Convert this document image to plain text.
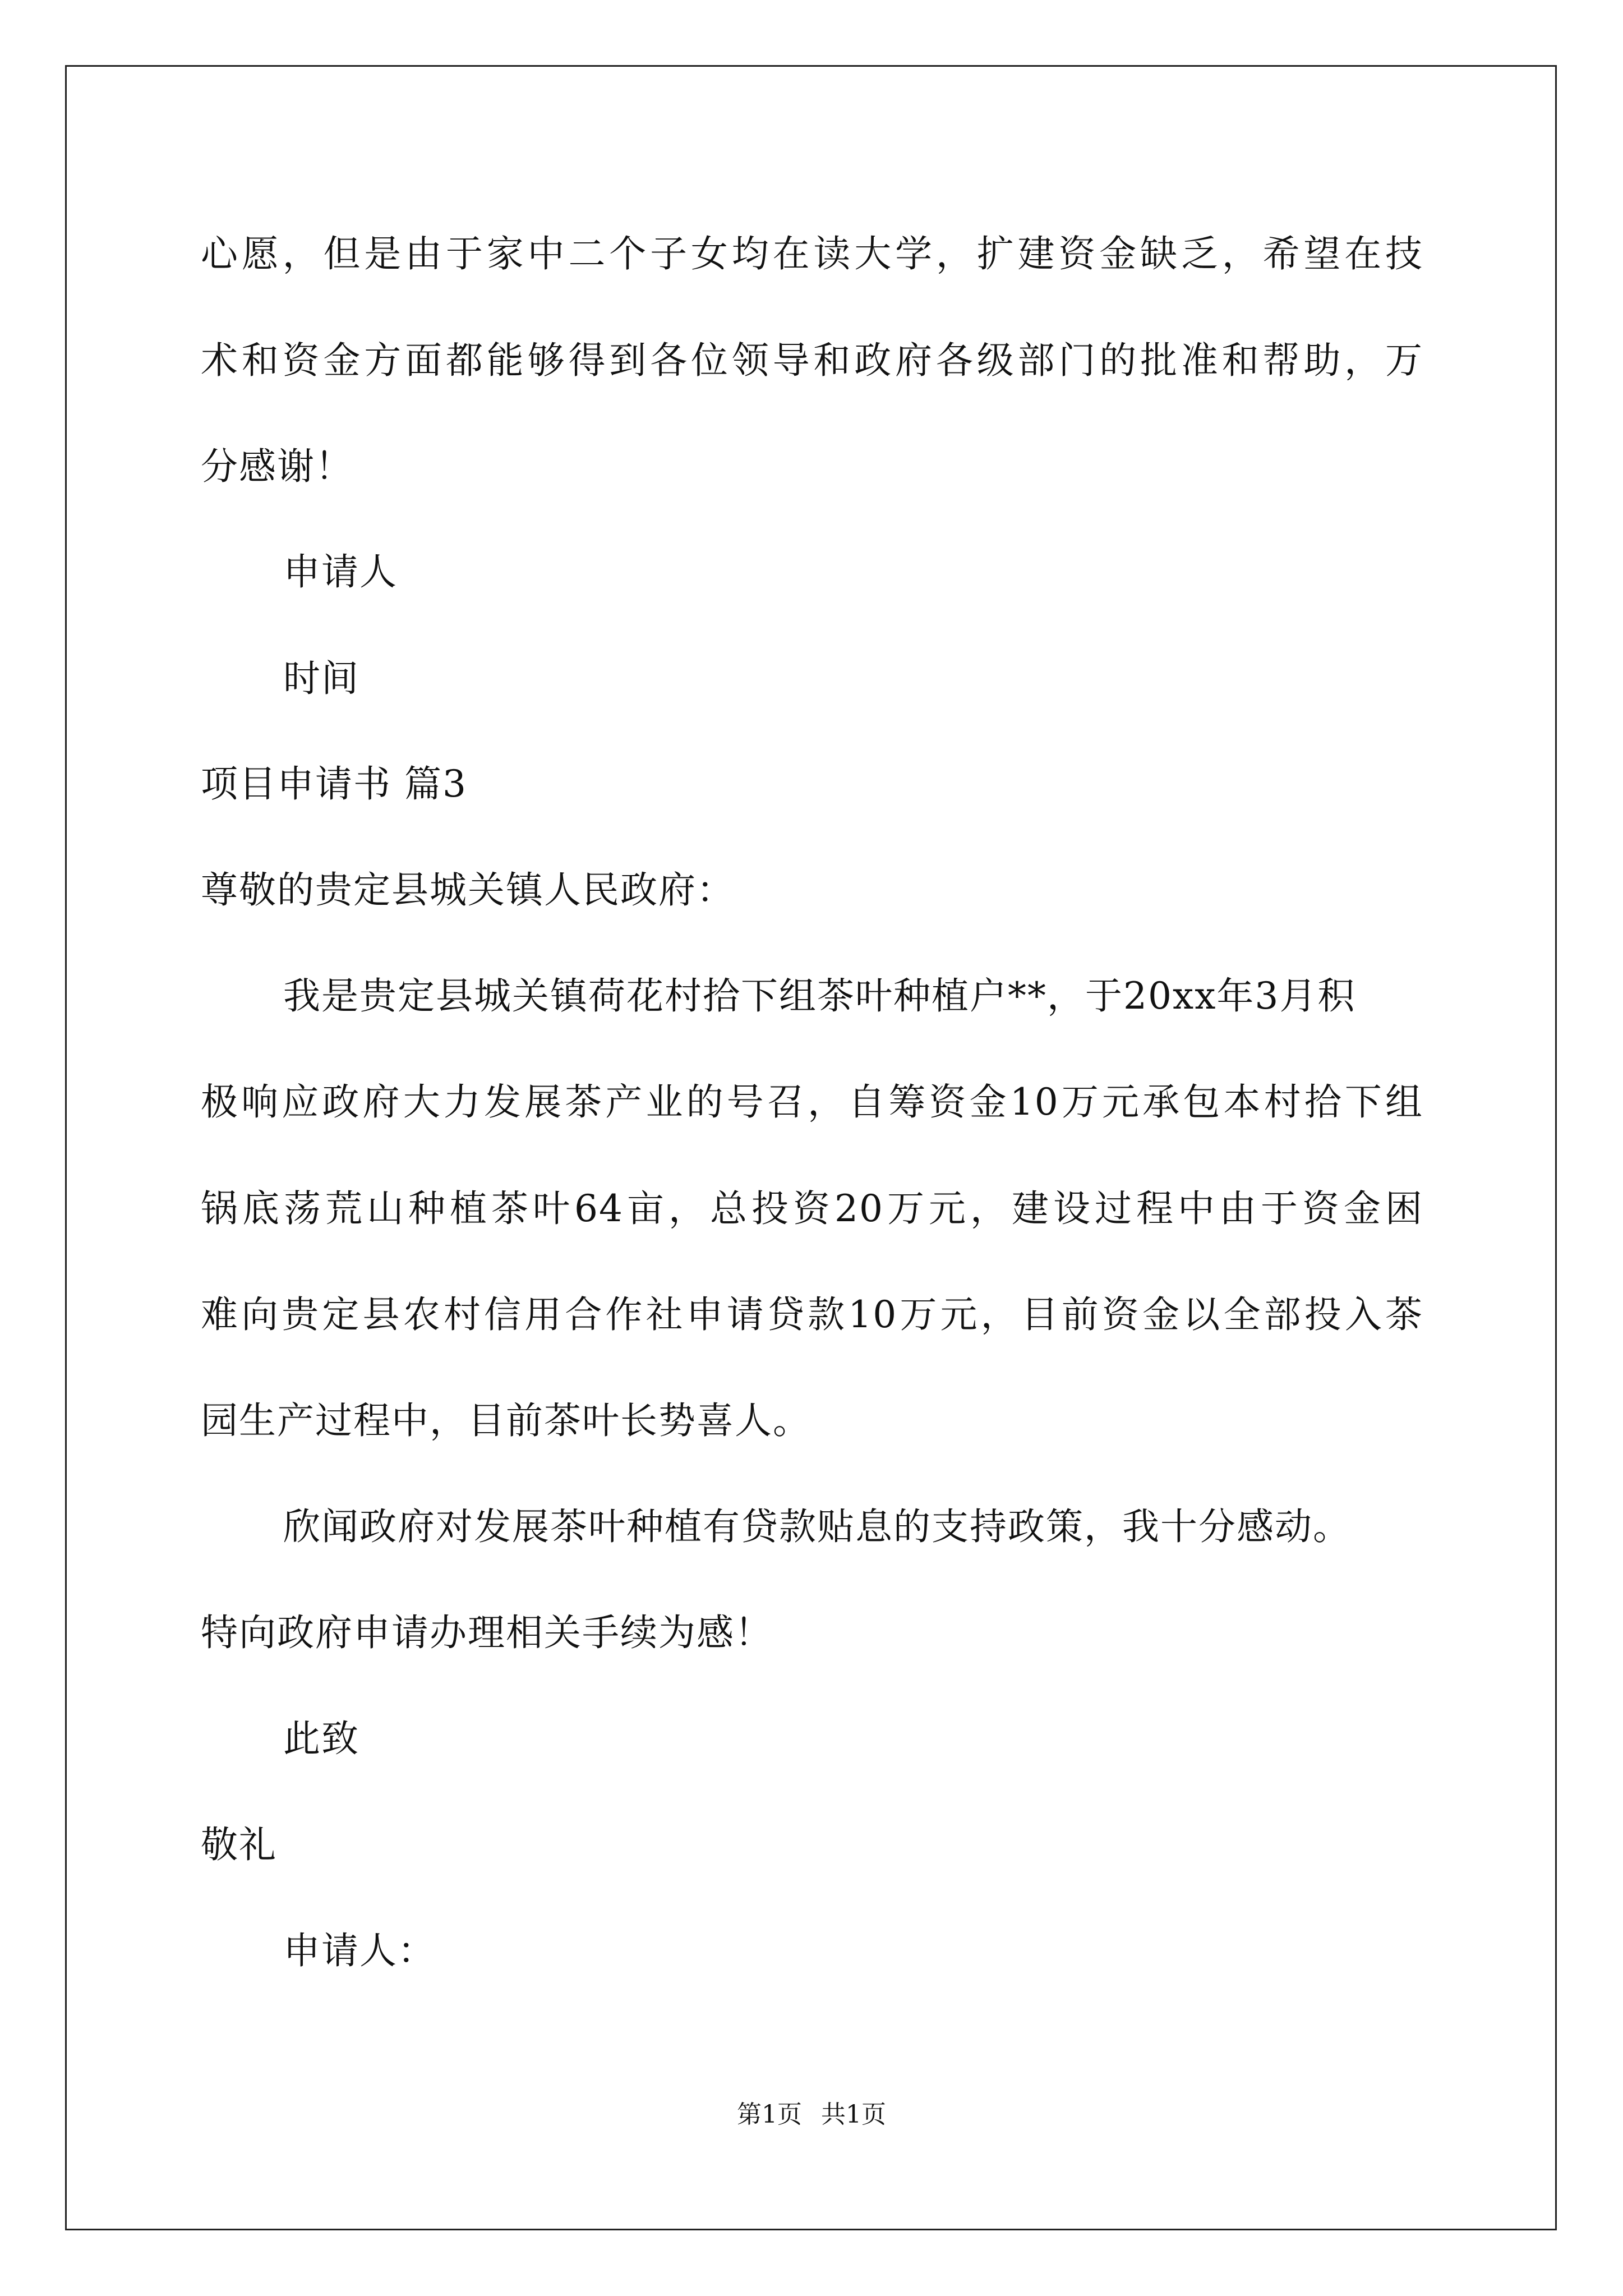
心愿，但是由于家中二个子女均在读大学，扩建资金缺乏，希望在技
术和资金方面都能够得到各位领导和政府各级部门的批准和帮助，万
分感谢！
申请人
时间
项目申请书 篇3
尊敬的贵定县城关镇人民政府：
我是贵定县城关镇荷花村拾下组茶叶种植户**，于20xx年3月积
极响应政府大力发展茶产业的号召，自筹资金10万元承包本村拾下组
锅底荡荒山种植茶叶64亩，总投资20万元，建设过程中由于资金困
难向贵定县农村信用合作社申请贷款10万元，目前资金以全部投入茶
园生产过程中，目前茶叶长势喜人。
欣闻政府对发展茶叶种植有贷款贴息的支持政策，我十分感动。
特向政府申请办理相关手续为感！
此致
敬礼
申请人：
第1页 共1页
